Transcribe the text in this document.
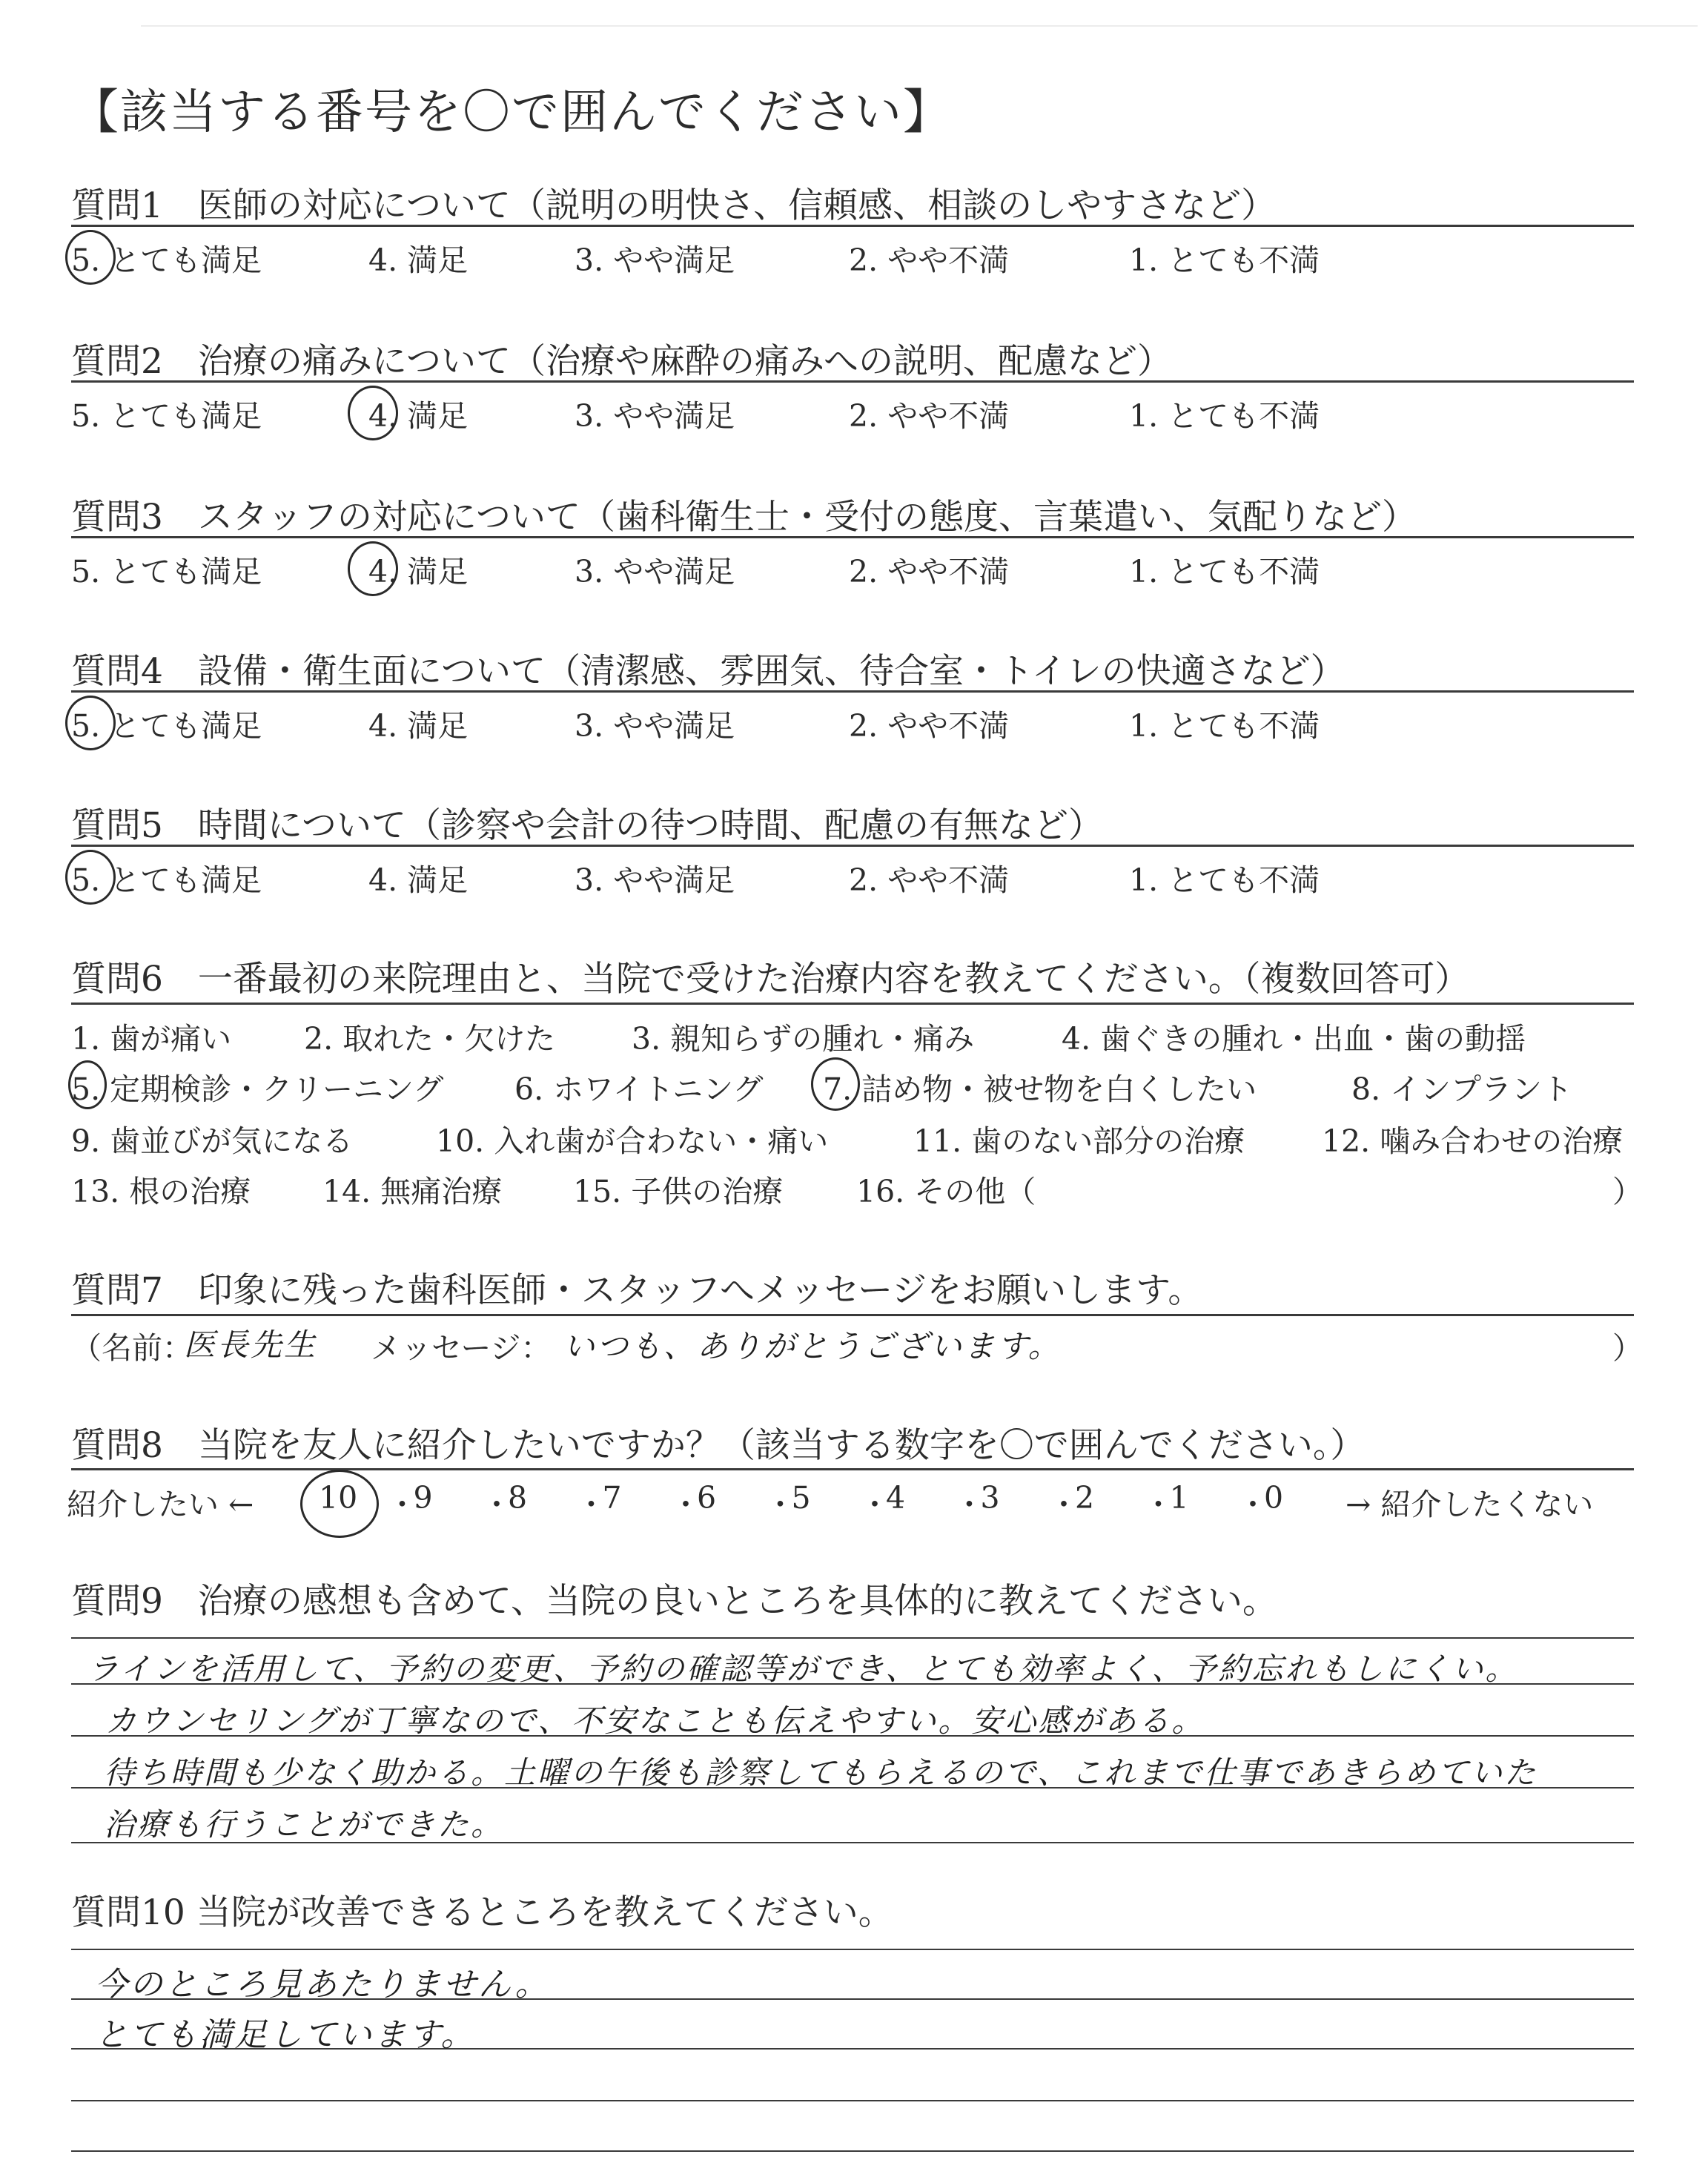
【該当する番号を〇で囲んでください】
質問1　医師の対応について（説明の明快さ、信頼感、相談のしやすさなど）
5. とても満足	4. 満足	3. やや満足	2. やや不満	1. とても不満
質問2　治療の痛みについて（治療や麻酔の痛みへの説明、配慮など）
5. とても満足	4. 満足	3. やや満足	2. やや不満	1. とても不満
質問3　スタッフの対応について（歯科衛生士・受付の態度、言葉遣い、気配りなど）
5. とても満足	4. 満足	3. やや満足	2. やや不満	1. とても不満
質問4　設備・衛生面について（清潔感、雰囲気、待合室・トイレの快適さなど）
5. とても満足	4. 満足	3. やや満足	2. やや不満	1. とても不満
質問5　時間について（診察や会計の待つ時間、配慮の有無など）
5. とても満足	4. 満足	3. やや満足	2. やや不満	1. とても不満
質問6　一番最初の来院理由と、当院で受けた治療内容を教えてください。（複数回答可）
1. 歯が痛い 2. 取れた・欠けた	3. 親知らずの腫れ・痛み	4. 歯ぐきの腫れ・出血・歯の動揺
5. 定期検診・クリーニング 6. ホワイトニング 7. 詰め物・被せ物を白くしたい	8. インプラント
9. 歯並びが気になる	10. 入れ歯が合わない・痛い	11. 歯のない部分の治療	12. 噛み合わせの治療
13. 根の治療 14. 無痛治療 15. 子供の治療 16. その他（	）
質問7　印象に残った歯科医師・スタッフへメッセージをお願いします。
（名前：
医長先生 メッセージ： いつも、ありがとうございます。	）
質問8　当院を友人に紹介したいですか？（該当する数字を〇で囲んでください。）
紹介したい ← 10 ・
9 ・
8 ・
7 ・
6 ・
5 ・
4 ・
3 ・
2 ・
1 ・
0 → 紹介したくない
質問9　治療の感想も含めて、当院の良いところを具体的に教えてください。
ラインを活用して、予約の変更、予約の確認等ができ、とても効率よく、予約忘れもしにくい。
カウンセリングが丁寧なので、不安なことも伝えやすい。安心感がある。
待ち時間も少なく助かる。土曜の午後も診察してもらえるので、これまで仕事であきらめていた
治療も行うことができた。
質問10 当院が改善できるところを教えてください。
今のところ見あたりません。
とても満足しています。
